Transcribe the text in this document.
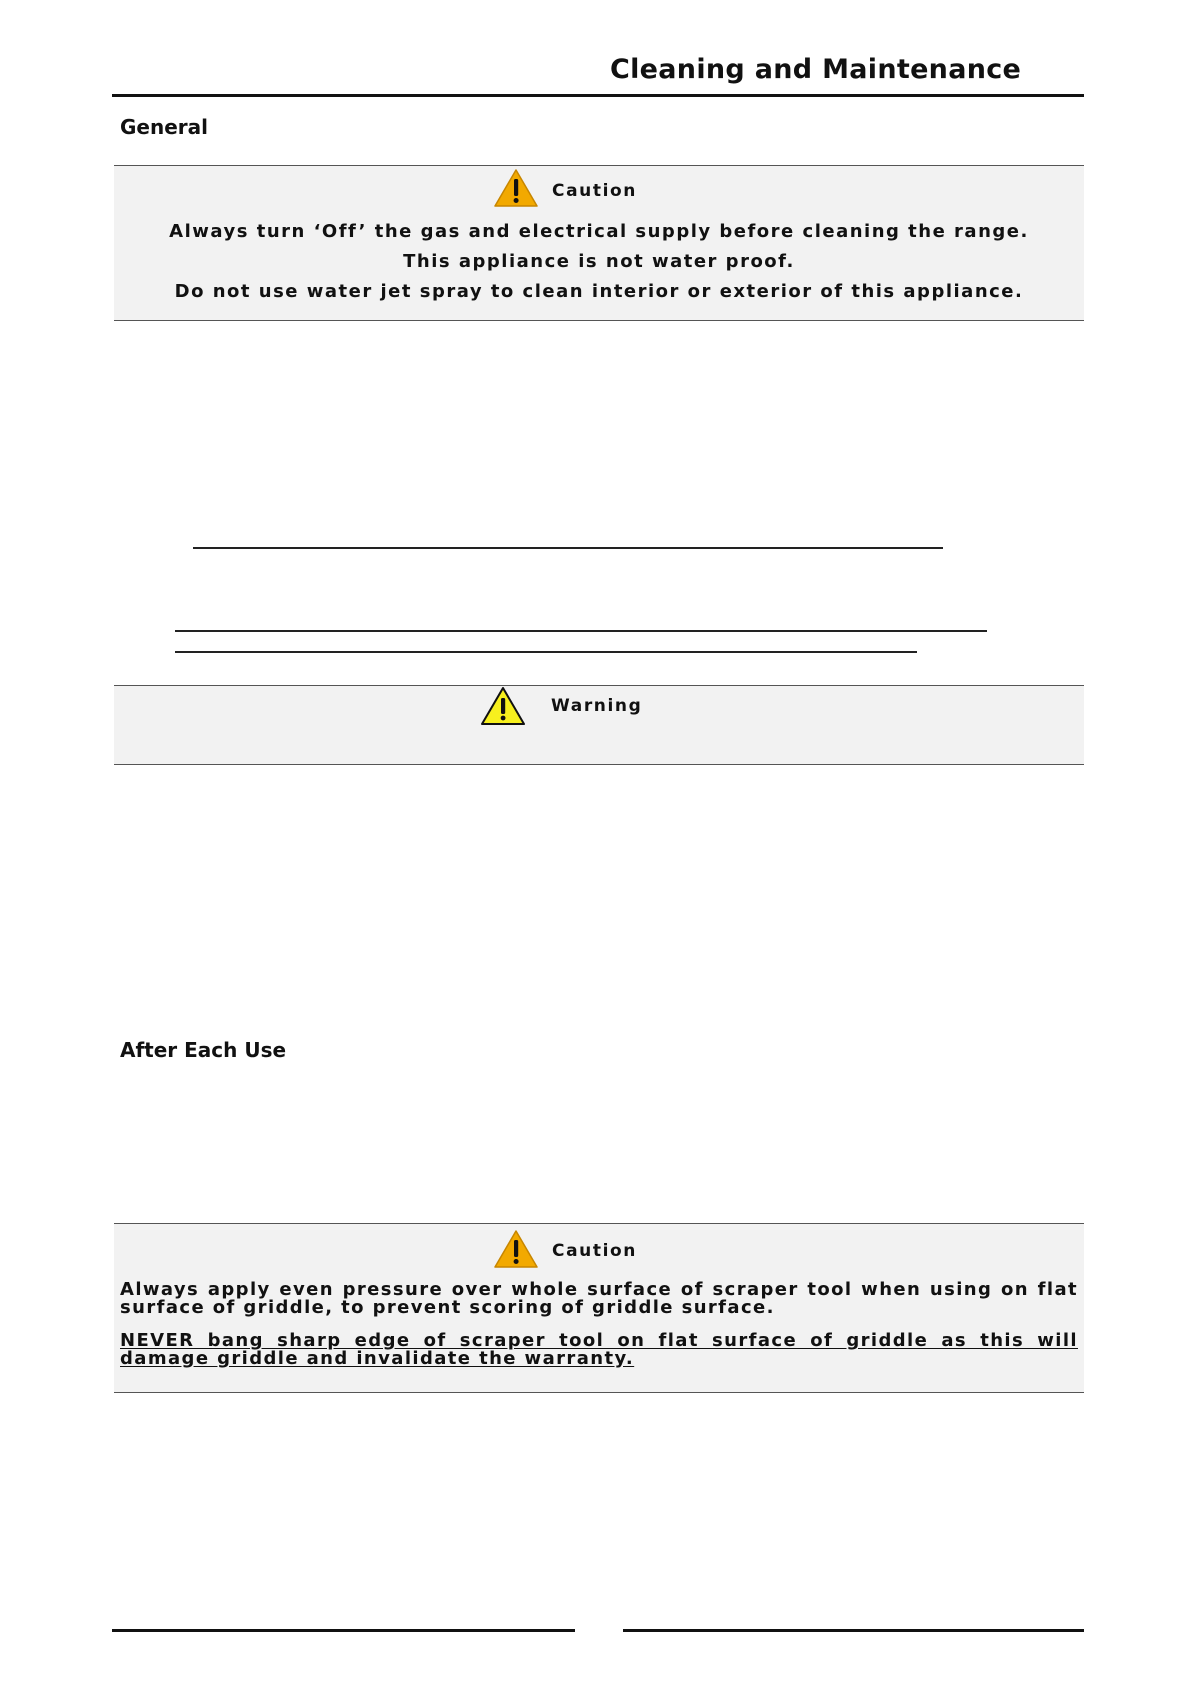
Cleaning and Maintenance
General
Caution
Always turn ‘Off’ the gas and electrical supply before cleaning the range.
This appliance is not water proof.
Do not use water jet spray to clean interior or exterior of this appliance.
Warning
After Each Use
Caution
Always apply even pressure over whole surface of scraper tool when using on flat surface of griddle, to prevent scoring of griddle surface.
NEVER bang sharp edge of scraper tool on flat surface of griddle as this will damage griddle and invalidate the warranty.
